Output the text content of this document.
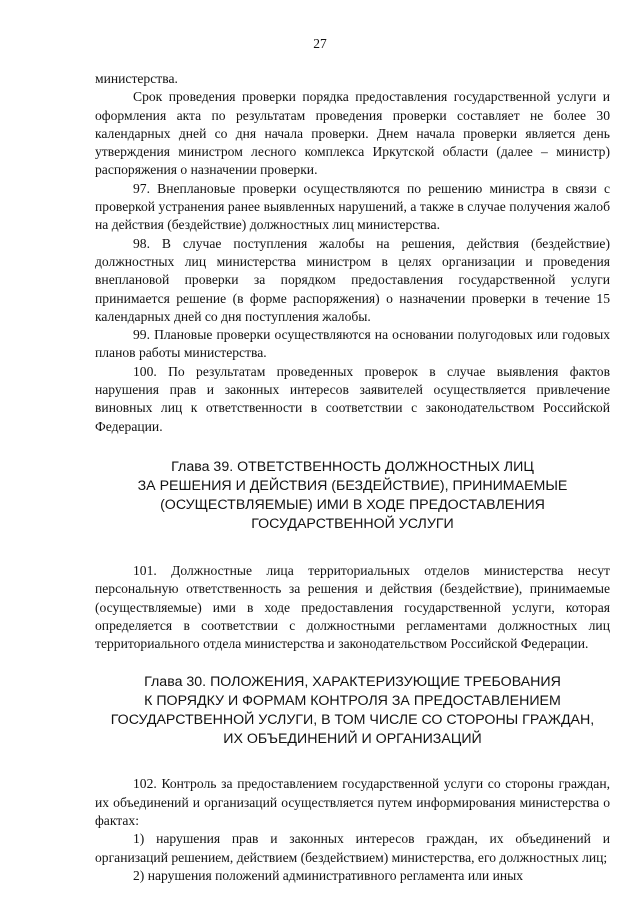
27

министерства.

Срок проведения проверки порядка предоставления государственной услуги и оформления акта по результатам проведения проверки составляет не более 30 календарных дней со дня начала проверки. Днем начала проверки является день утверждения министром лесного комплекса Иркутской области (далее – министр) распоряжения о назначении проверки.

97. Внеплановые проверки осуществляются по решению министра в связи с проверкой устранения ранее выявленных нарушений, а также в случае получения жалоб на действия (бездействие) должностных лиц министерства.

98. В случае поступления жалобы на решения, действия (бездействие) должностных лиц министерства министром в целях организации и проведения внеплановой проверки за порядком предоставления государственной услуги принимается решение (в форме распоряжения) о назначении проверки в течение 15 календарных дней со дня поступления жалобы.

99. Плановые проверки осуществляются на основании полугодовых или годовых планов работы министерства.

100. По результатам проведенных проверок в случае выявления фактов нарушения прав и законных интересов заявителей осуществляется привлечение виновных лиц к ответственности в соответствии с законодательством Российской Федерации.

Глава 39. ОТВЕТСТВЕННОСТЬ ДОЛЖНОСТНЫХ ЛИЦ
ЗА РЕШЕНИЯ И ДЕЙСТВИЯ (БЕЗДЕЙСТВИЕ), ПРИНИМАЕМЫЕ
(ОСУЩЕСТВЛЯЕМЫЕ) ИМИ В ХОДЕ ПРЕДОСТАВЛЕНИЯ
ГОСУДАРСТВЕННОЙ УСЛУГИ

101. Должностные лица территориальных отделов министерства несут персональную ответственность за решения и действия (бездействие), принимаемые (осуществляемые) ими в ходе предоставления государственной услуги, которая определяется в соответствии с должностными регламентами должностных лиц территориального отдела министерства и законодательством Российской Федерации.

Глава 30. ПОЛОЖЕНИЯ, ХАРАКТЕРИЗУЮЩИЕ ТРЕБОВАНИЯ
К ПОРЯДКУ И ФОРМАМ КОНТРОЛЯ ЗА ПРЕДОСТАВЛЕНИЕМ
ГОСУДАРСТВЕННОЙ УСЛУГИ, В ТОМ ЧИСЛЕ СО СТОРОНЫ ГРАЖДАН,
ИХ ОБЪЕДИНЕНИЙ И ОРГАНИЗАЦИЙ

102. Контроль за предоставлением государственной услуги со стороны граждан, их объединений и организаций осуществляется путем информирования министерства о фактах:

1) нарушения прав и законных интересов граждан, их объединений и организаций решением, действием (бездействием) министерства, его должностных лиц;

2) нарушения положений административного регламента или иных
